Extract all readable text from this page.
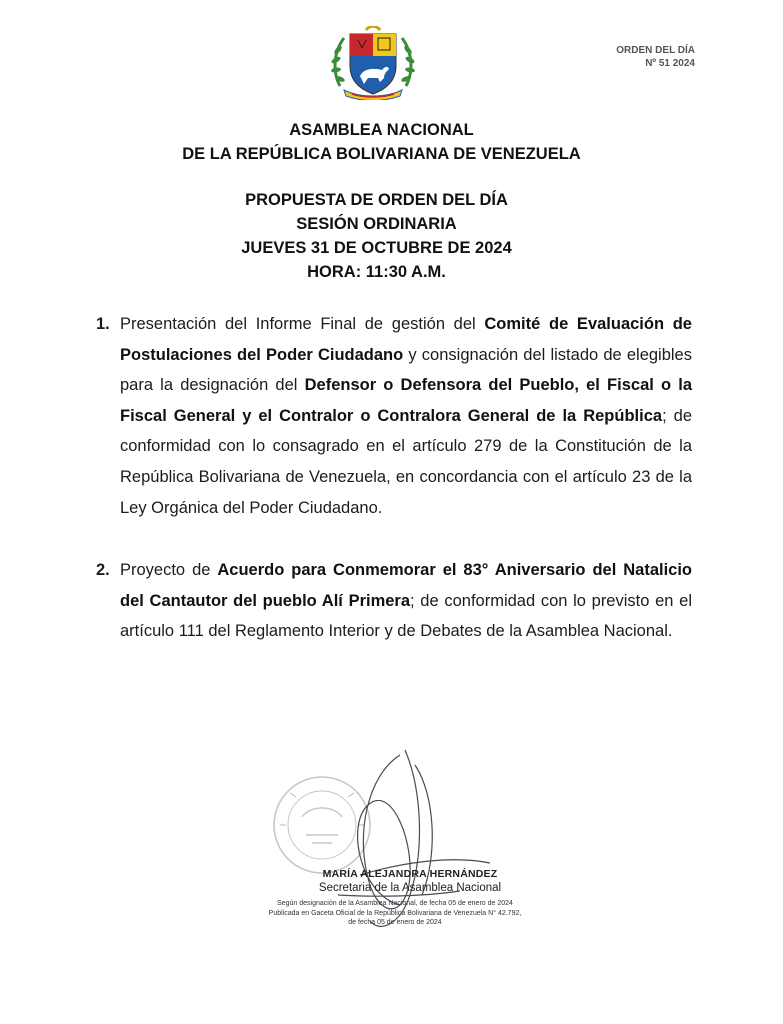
ORDEN DEL DÍA
Nº 51 2024
ASAMBLEA NACIONAL
DE LA REPÚBLICA BOLIVARIANA DE VENEZUELA
PROPUESTA DE ORDEN DEL DÍA
SESIÓN ORDINARIA
JUEVES 31 DE OCTUBRE DE 2024
HORA: 11:30 A.M.
1. Presentación del Informe Final de gestión del Comité de Evaluación de Postulaciones del Poder Ciudadano y consignación del listado de elegibles para la designación del Defensor o Defensora del Pueblo, el Fiscal o la Fiscal General y el Contralor o Contralora General de la República; de conformidad con lo consagrado en el artículo 279 de la Constitución de la República Bolivariana de Venezuela, en concordancia con el artículo 23 de la Ley Orgánica del Poder Ciudadano.
2. Proyecto de Acuerdo para Conmemorar el 83° Aniversario del Natalicio del Cantautor del pueblo Alí Primera; de conformidad con lo previsto en el artículo 111 del Reglamento Interior y de Debates de la Asamblea Nacional.
MARÍA ALEJANDRA HERNÁNDEZ
Secretaria de la Asamblea Nacional
Según designación de la Asamblea Nacional, de fecha 05 de enero de 2024
Publicada en Gaceta Oficial de la República Bolivariana de Venezuela N° 42.792,
de fecha 05 de enero de 2024
